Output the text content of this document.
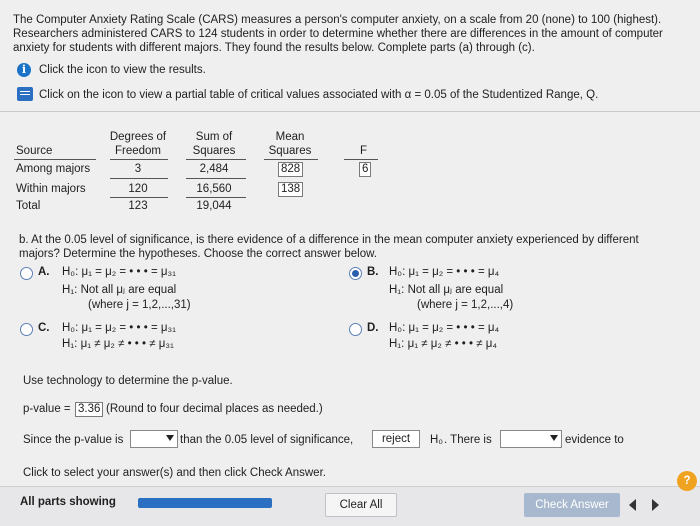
The Computer Anxiety Rating Scale (CARS) measures a person's computer anxiety, on a scale from 20 (none) to 100 (highest).
Researchers administered CARS to 124 students in order to determine whether there are differences in the amount of computer
anxiety for students with different majors. They found the results below. Complete parts (a) through (c).
i	Click the icon to view the results.
Click on the icon to view a partial table of critical values associated with α = 0.05 of the Studentized Range, Q.
Source
Degrees of
Freedom
Sum of
Squares
Mean
Squares	F
Among majors	3	2,484	828	6
Within majors	120	16,560	138
Total	123	19,044
b. At the 0.05 level of significance, is there evidence of a difference in the mean computer anxiety experienced by different
majors? Determine the hypotheses. Choose the correct answer below.
A. H₀: μ₁ = μ₂ = • • • = μ₃₁
H₁: Not all μⱼ are equal
(where j = 1,2,...,31)
B. H₀: μ₁ = μ₂ = • • • = μ₄
H₁: Not all μⱼ are equal
(where j = 1,2,...,4)
C. H₀: μ₁ = μ₂ = • • • = μ₃₁
H₁: μ₁ ≠ μ₂ ≠ • • • ≠ μ₃₁
D. H₀: μ₁ = μ₂ = • • • = μ₄
H₁: μ₁ ≠ μ₂ ≠ • • • ≠ μ₄
Use technology to determine the p-value.
p-value = 3.36 (Round to four decimal places as needed.)
Since the p-value is	than the 0.05 level of significance,	reject	H₀ . There is	evidence to
Click to select your answer(s) and then click Check Answer.
All parts showing	Clear All	Check Answer
?
